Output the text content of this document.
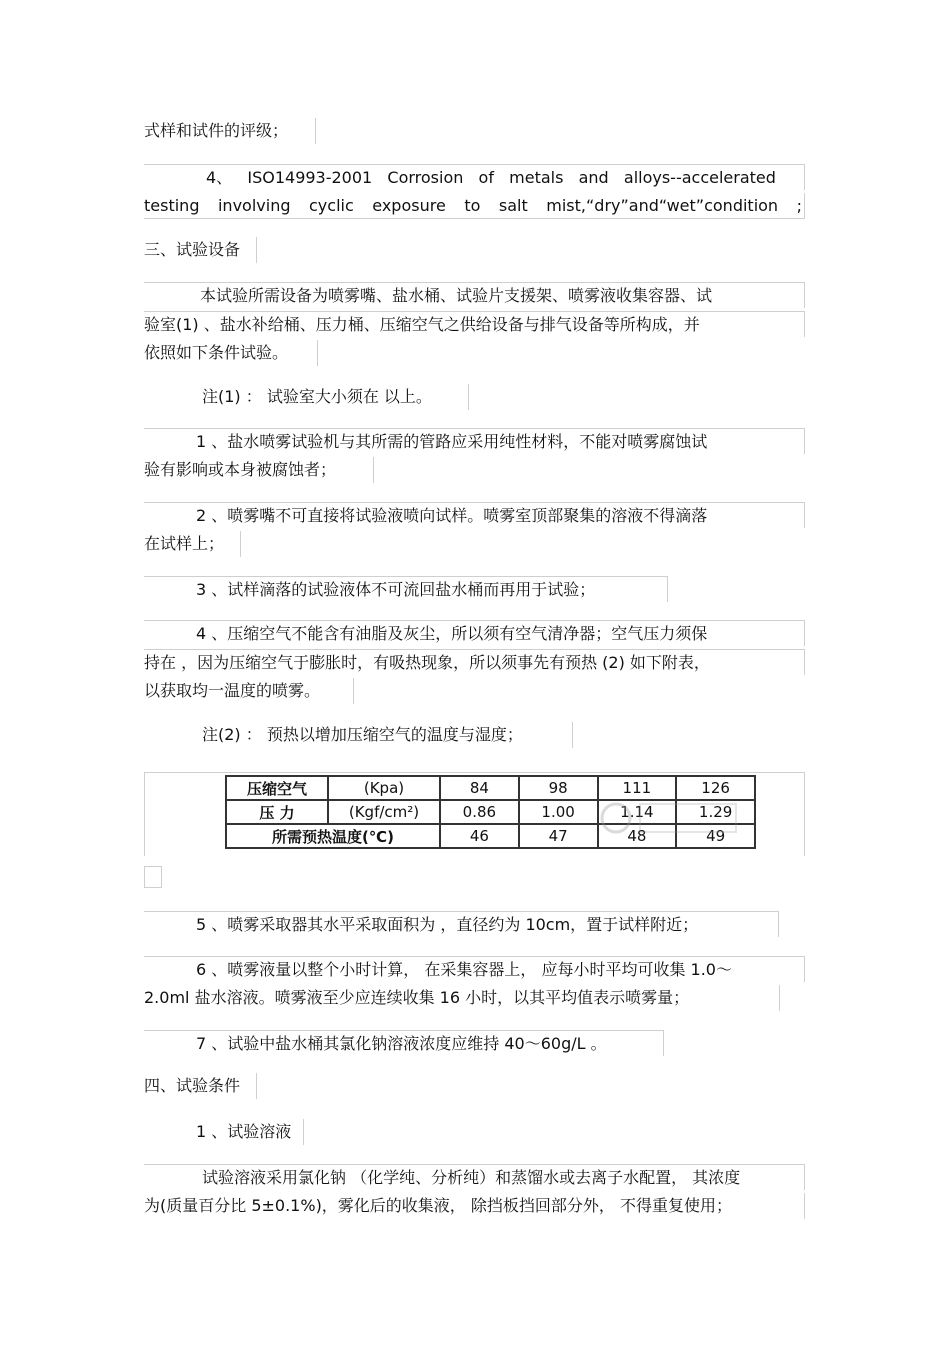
式样和试件的评级；
4、 ISO14993-2001 Corrosion of metals and alloys--accelerated
testing involving cyclic exposure to salt mist,“dry”and“wet”condition ;
三、试验设备
本试验所需设备为喷雾嘴、盐水桶、试验片支援架、喷雾液收集容器、试
验室(1) 、盐水补给桶、压力桶、压缩空气之供给设备与排气设备等所构成，并
依照如下条件试验。
注(1) ： 试验室大小须在 以上。
1 、盐水喷雾试验机与其所需的管路应采用纯性材料，不能对喷雾腐蚀试
验有影响或本身被腐蚀者；
2 、喷雾嘴不可直接将试验液喷向试样。喷雾室顶部聚集的溶液不得滴落
在试样上；
3 、试样滴落的试验液体不可流回盐水桶而再用于试验；
4 、压缩空气不能含有油脂及灰尘，所以须有空气清净器；空气压力须保
持在 ，因为压缩空气于膨胀时，有吸热现象，所以须事先有预热 (2) 如下附表，
以获取均一温度的喷雾。
注(2) ： 预热以增加压缩空气的温度与湿度；
压缩空气	(Kpa)	84	98	111	126
压 力	(Kgf/cm²)	0.86	1.00	1.14	1.29
所需预热温度(℃)		46	47	48	49
5 、喷雾采取器其水平采取面积为 ，直径约为 10cm，置于试样附近；
6 、喷雾液量以整个小时计算， 在采集容器上， 应每小时平均可收集 1.0～
2.0ml 盐水溶液。喷雾液至少应连续收集 16 小时，以其平均值表示喷雾量；
7 、试验中盐水桶其氯化钠溶液浓度应维持 40～60g/L 。
四、试验条件
1 、试验溶液
试验溶液采用氯化钠 （化学纯、分析纯）和蒸馏水或去离子水配置， 其浓度
为(质量百分比 5±0.1%)，雾化后的收集液， 除挡板挡回部分外， 不得重复使用；
